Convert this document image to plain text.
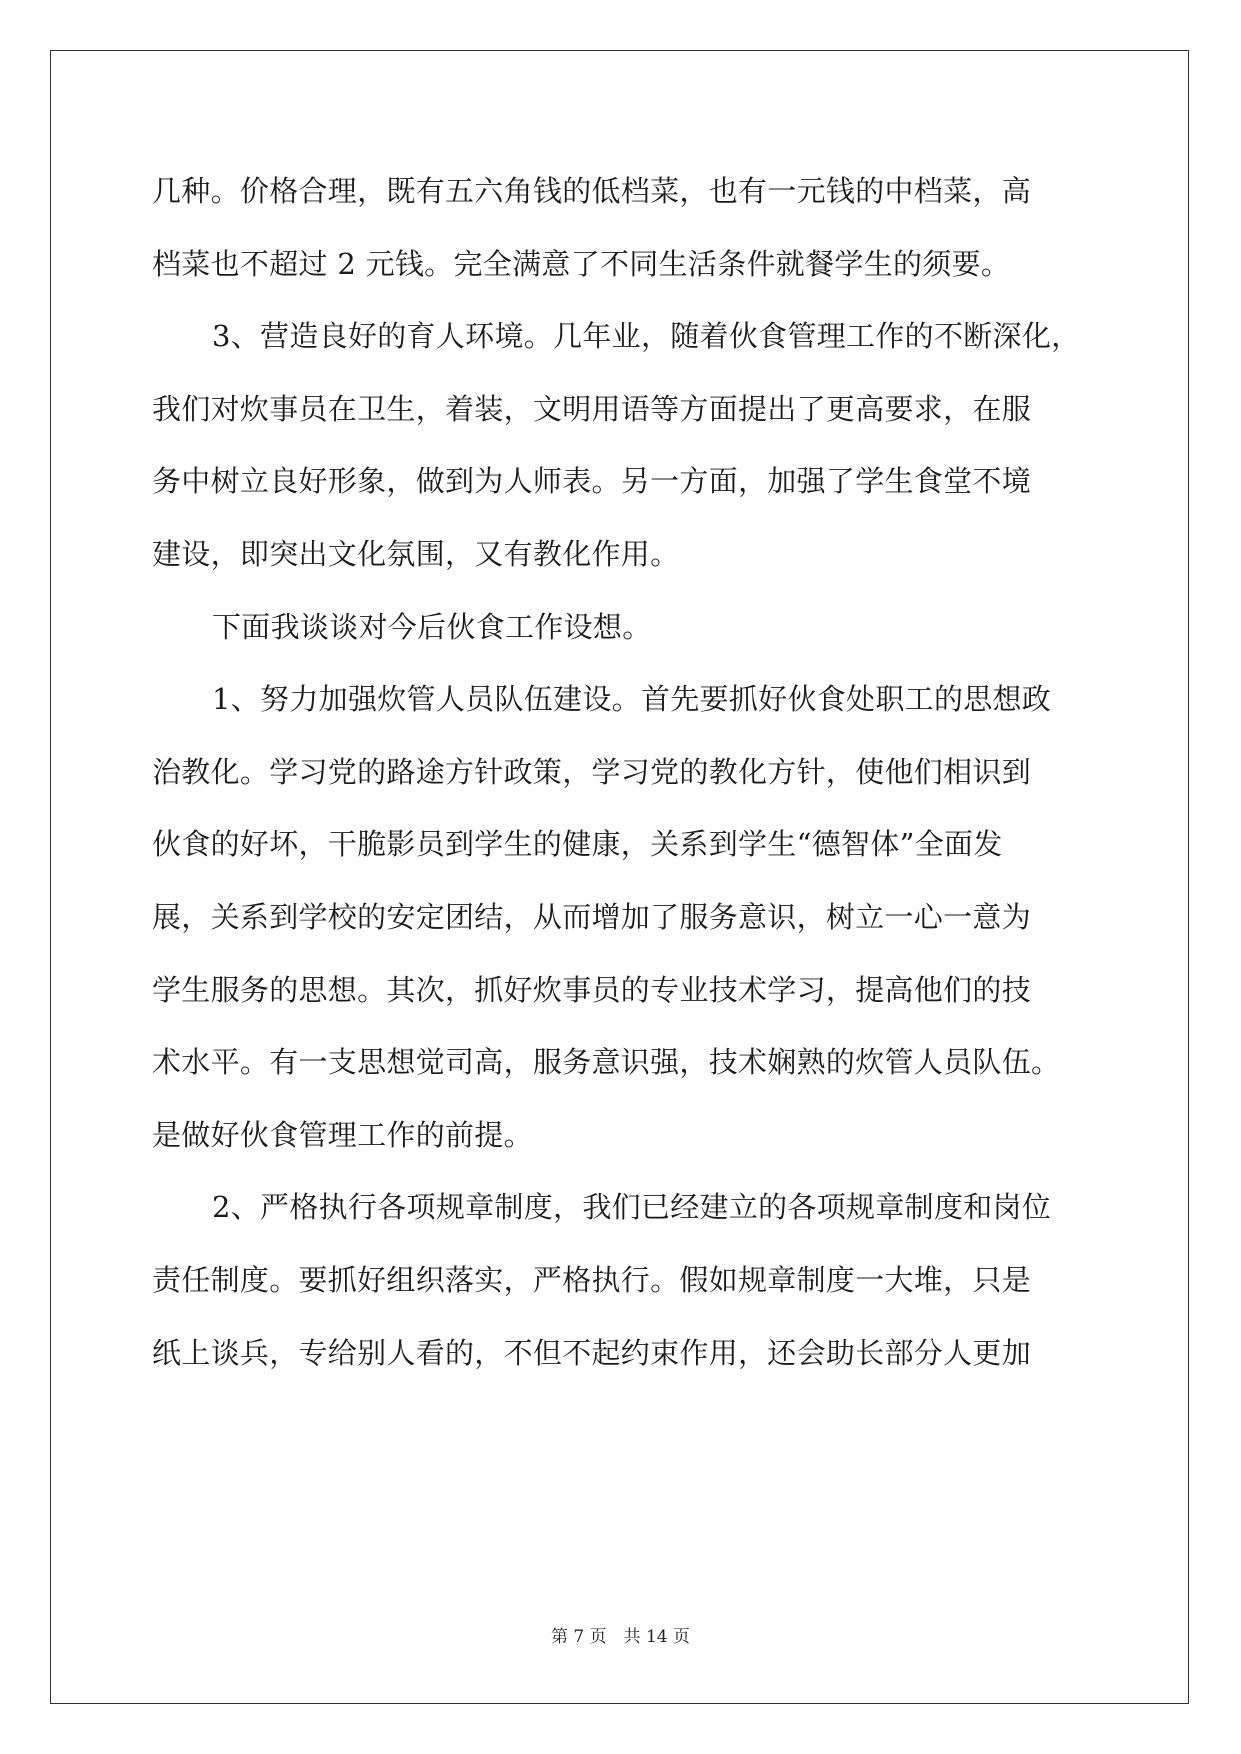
几种。价格合理，既有五六角钱的低档菜，也有一元钱的中档菜，高
档菜也不超过 2 元钱。完全满意了不同生活条件就餐学生的须要。
3、营造良好的育人环境。几年业，随着伙食管理工作的不断深化，
我们对炊事员在卫生，着装，文明用语等方面提出了更高要求，在服
务中树立良好形象，做到为人师表。另一方面，加强了学生食堂不境
建设，即突出文化氛围，又有教化作用。
下面我谈谈对今后伙食工作设想。
1、努力加强炊管人员队伍建设。首先要抓好伙食处职工的思想政
治教化。学习党的路途方针政策，学习党的教化方针，使他们相识到
伙食的好坏，干脆影员到学生的健康，关系到学生“德智体”全面发
展，关系到学校的安定团结，从而增加了服务意识，树立一心一意为
学生服务的思想。其次，抓好炊事员的专业技术学习，提高他们的技
术水平。有一支思想觉司高，服务意识强，技术娴熟的炊管人员队伍。
是做好伙食管理工作的前提。
2、严格执行各项规章制度，我们已经建立的各项规章制度和岗位
责任制度。要抓好组织落实，严格执行。假如规章制度一大堆，只是
纸上谈兵，专给别人看的，不但不起约束作用，还会助长部分人更加
第 7 页　共 14 页
